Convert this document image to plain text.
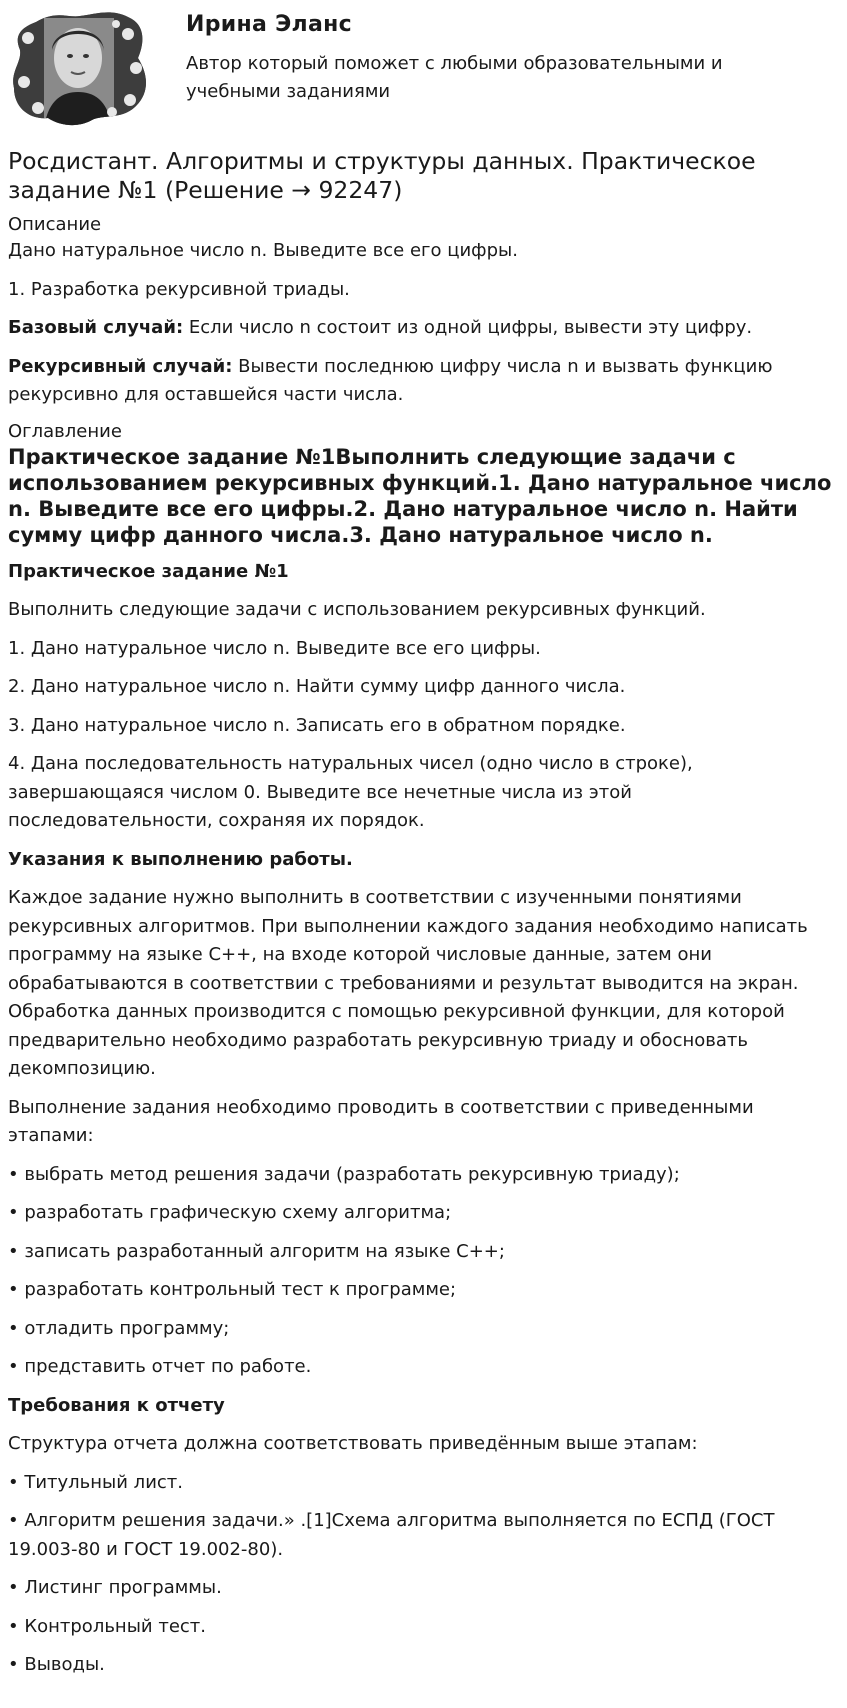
Ирина Эланс
Автор который поможет с любыми образовательными и учебными заданиями
Росдистант. Алгоритмы и структуры данных. Практическое задание №1 (Решение → 92247)
Описание

Дано натуральное число n. Выведите все его цифры.

1. Разработка рекурсивной триады.

Базовый случай: Если число n состоит из одной цифры, вывести эту цифру.

Рекурсивный случай: Вывести последнюю цифру числа n и вызвать функцию рекурсивно для оставшейся части числа.

Оглавление
Практическое задание №1Выполнить следующие задачи с использованием рекурсивных функций.1. Дано натуральное число n. Выведите все его цифры.2. Дано натуральное число n. Найти сумму цифр данного числа.3. Дано натуральное число n.

Практическое задание №1

Выполнить следующие задачи с использованием рекурсивных функций.

1. Дано натуральное число n. Выведите все его цифры.

2. Дано натуральное число n. Найти сумму цифр данного числа.

3. Дано натуральное число n. Записать его в обратном порядке.

4. Дана последовательность натуральных чисел (одно число в строке), завершающаяся числом 0. Выведите все нечетные числа из этой последовательности, сохраняя их порядок.

Указания к выполнению работы.

Каждое задание нужно выполнить в соответствии с изученными понятиями рекурсивных алгоритмов. При выполнении каждого задания необходимо написать программу на языке С++, на входе которой числовые данные, затем они обрабатываются в соответствии с требованиями и результат выводится на экран. Обработка данных производится с помощью рекурсивной функции, для которой предварительно необходимо разработать рекурсивную триаду и обосновать декомпозицию.

Выполнение задания необходимо проводить в соответствии с приведенными этапами:

• выбрать метод решения задачи (разработать рекурсивную триаду);

• разработать графическую схему алгоритма;

• записать разработанный алгоритм на языке С++;

• разработать контрольный тест к программе;

• отладить программу;

• представить отчет по работе.

Требования к отчету

Структура отчета должна соответствовать приведённым выше этапам:

• Титульный лист.

• Алгоритм решения задачи.» .[1]Схема алгоритма выполняется по ЕСПД (ГОСТ 19.003-80 и ГОСТ 19.002-80).

• Листинг программы.

• Контрольный тест.

• Выводы.
